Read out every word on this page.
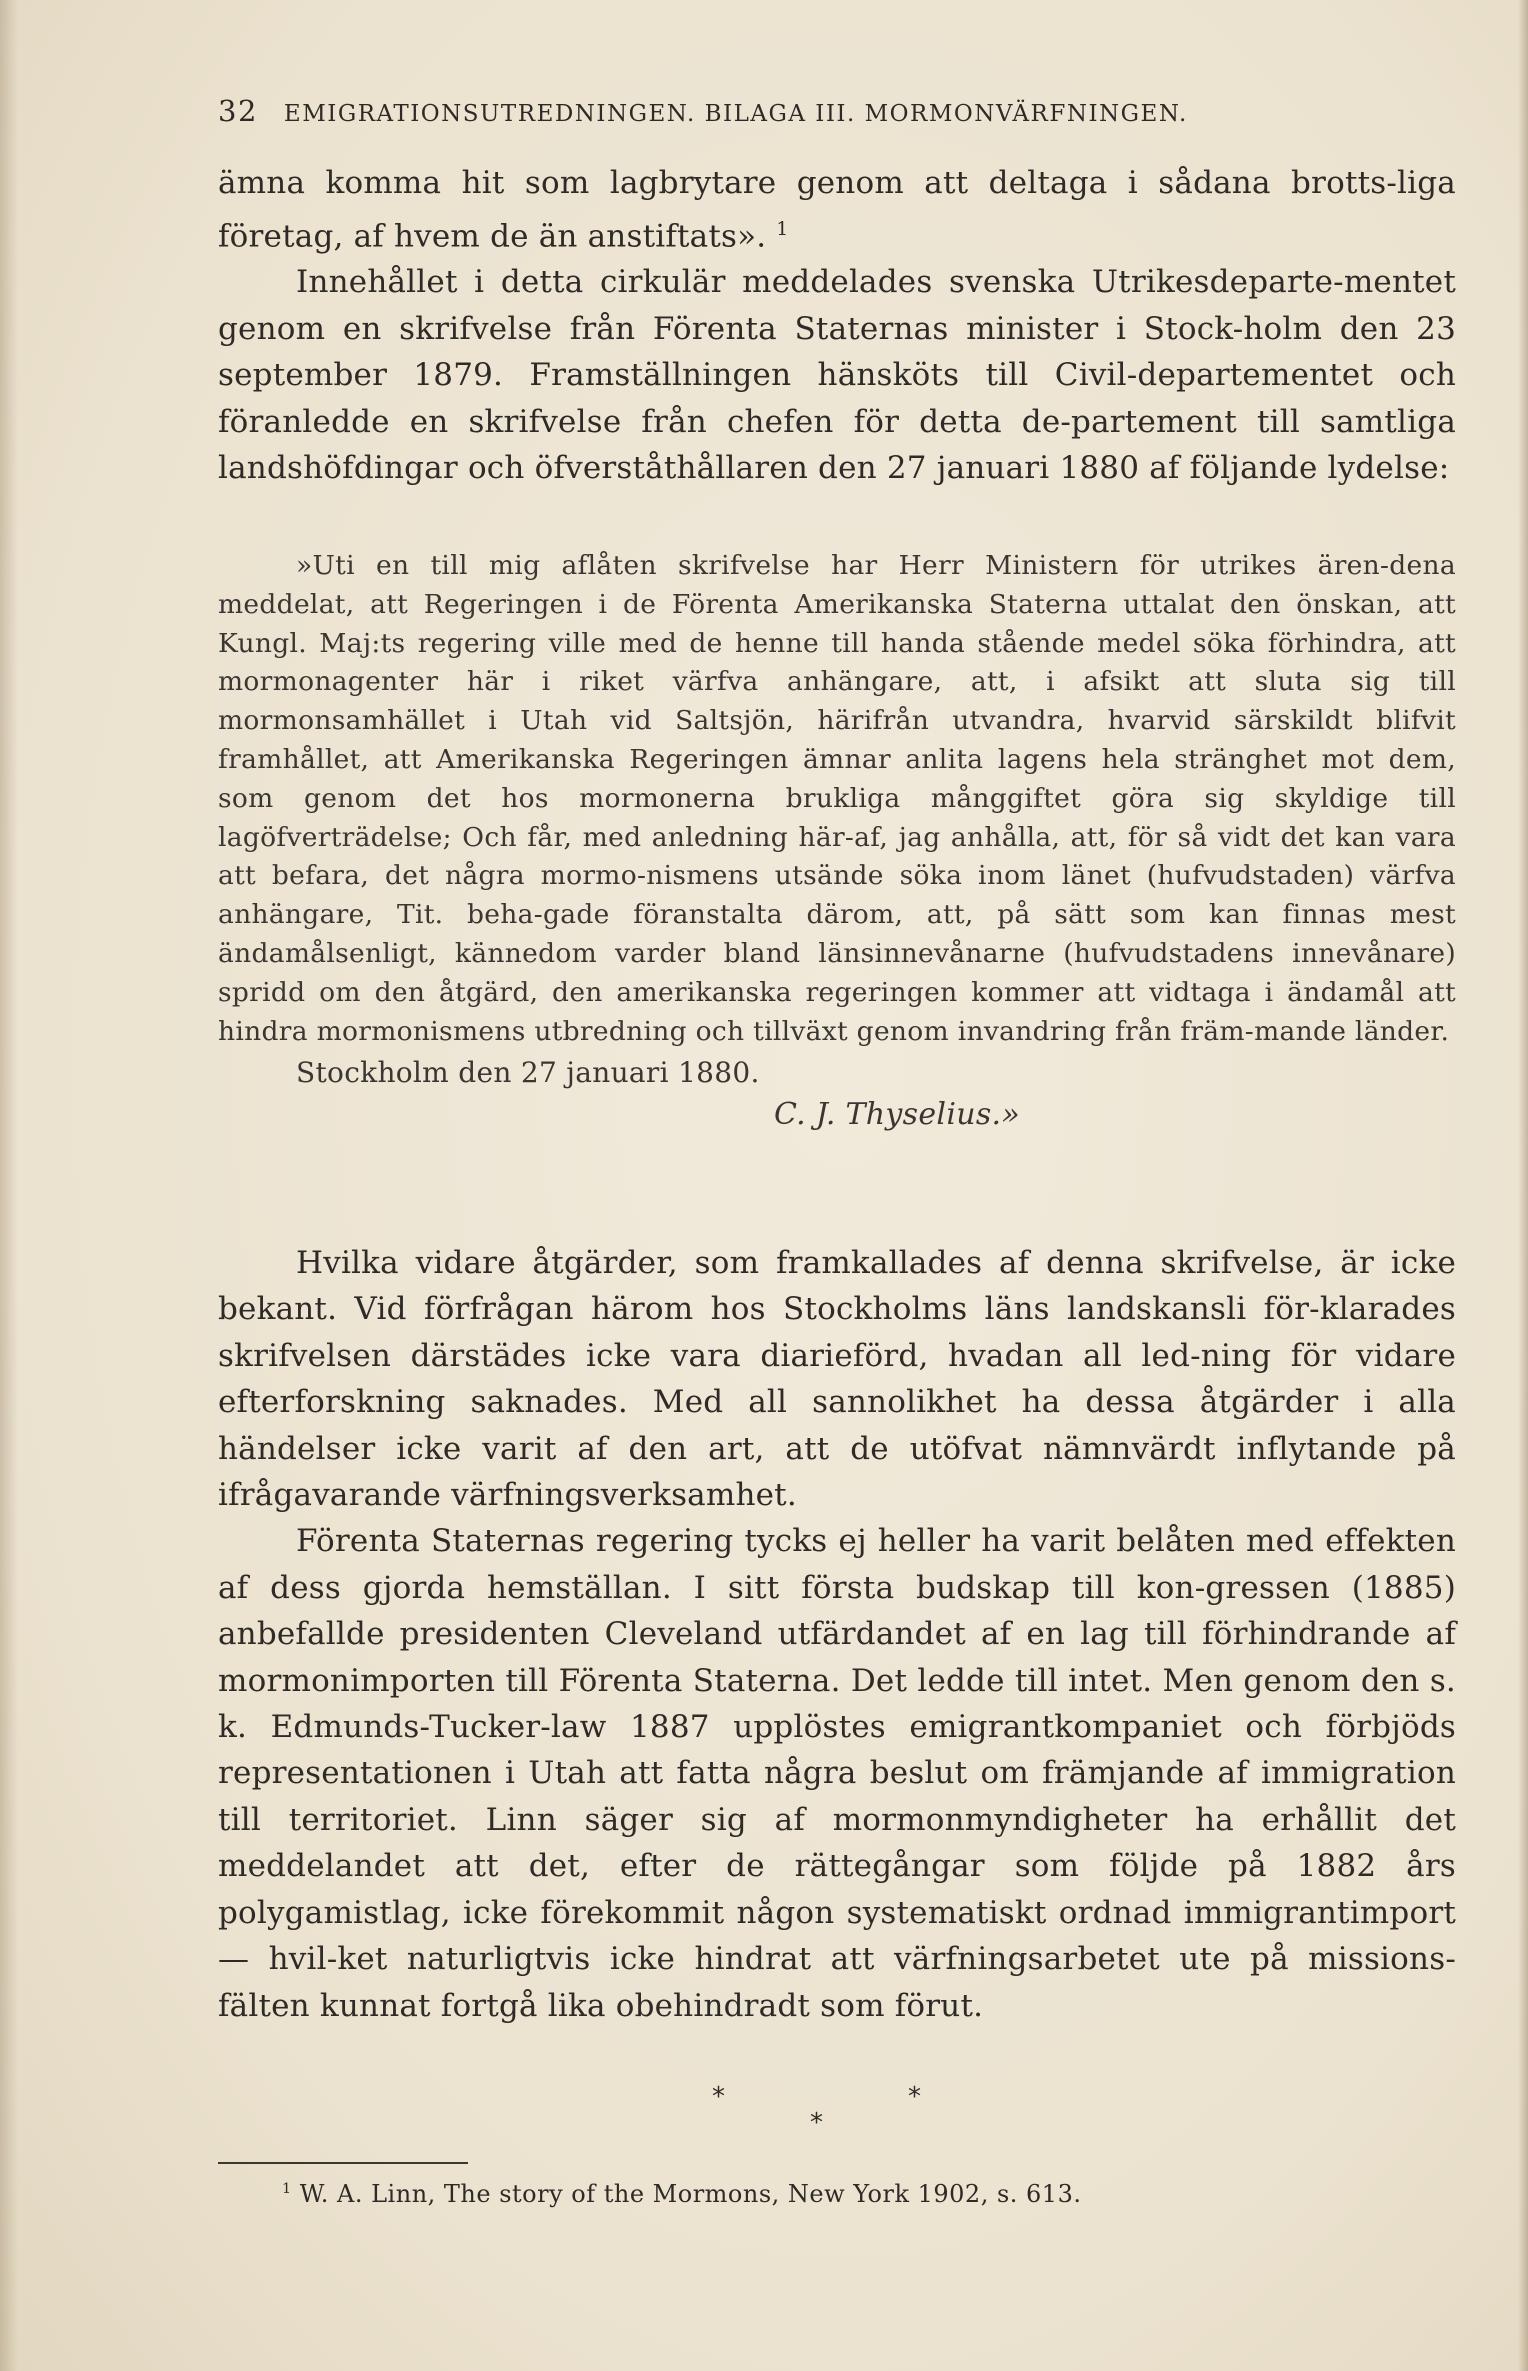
32 EMIGRATIONSUTREDNINGEN. BILAGA III. MORMONVÄRFNINGEN.

ämna komma hit som lagbrytare genom att deltaga i sådana brotts-liga företag, af hvem de än anstiftats». $^1$

Innehållet i detta cirkulär meddelades svenska Utrikesdeparte-mentet genom en skrifvelse från Förenta Staternas minister i Stock-holm den 23 september 1879. Framställningen hänsköts till Civil-departementet och föranledde en skrifvelse från chefen för detta de-partement till samtliga landshöfdingar och öfverståthållaren den 27 januari 1880 af följande lydelse:

»Uti en till mig aflåten skrifvelse har Herr Ministern för utrikes ären-dena meddelat, att Regeringen i de Förenta Amerikanska Staterna uttalat den önskan, att Kungl. Maj:ts regering ville med de henne till handa stående medel söka förhindra, att mormonagenter här i riket värfva anhängare, att, i afsikt att sluta sig till mormonsamhället i Utah vid Saltsjön, härifrån utvandra, hvarvid särskildt blifvit framhållet, att Amerikanska Regeringen ämnar anlita lagens hela stränghet mot dem, som genom det hos mormonerna brukliga månggiftet göra sig skyldige till lagöfverträdelse; Och får, med anledning här-af, jag anhålla, att, för så vidt det kan vara att befara, det några mormo-nismens utsände söka inom länet (hufvudstaden) värfva anhängare, Tit. beha-gade föranstalta därom, att, på sätt som kan finnas mest ändamålsenligt, kännedom varder bland länsinnevånarne (hufvudstadens innevånare) spridd om den åtgärd, den amerikanska regeringen kommer att vidtaga i ändamål att hindra mormonismens utbredning och tillväxt genom invandring från främ-mande länder.

Stockholm den 27 januari 1880.

C. J. Thyselius.»

Hvilka vidare åtgärder, som framkallades af denna skrifvelse, är icke bekant. Vid förfrågan härom hos Stockholms läns landskansli för-klarades skrifvelsen därstädes icke vara diarieförd, hvadan all led-ning för vidare efterforskning saknades. Med all sannolikhet ha dessa åtgärder i alla händelser icke varit af den art, att de utöfvat nämnvärdt inflytande på ifrågavarande värfningsverksamhet.

Förenta Staternas regering tycks ej heller ha varit belåten med effekten af dess gjorda hemställan. I sitt första budskap till kon-gressen (1885) anbefallde presidenten Cleveland utfärdandet af en lag till förhindrande af mormonimporten till Förenta Staterna. Det ledde till intet. Men genom den s. k. Edmunds-Tucker-law 1887 upplöstes emigrantkompaniet och förbjöds representationen i Utah att fatta några beslut om främjande af immigration till territoriet. Linn säger sig af mormonmyndigheter ha erhållit det meddelandet att det, efter de rättegångar som följde på 1882 års polygamistlag, icke förekommit någon systematiskt ordnad immigrantimport — hvil-ket naturligtvis icke hindrat att värfningsarbetet ute på missions-fälten kunnat fortgå lika obehindradt som förut.

*	*
*
$^1$ W. A. Linn, The story of the Mormons, New York 1902, s. 613.
